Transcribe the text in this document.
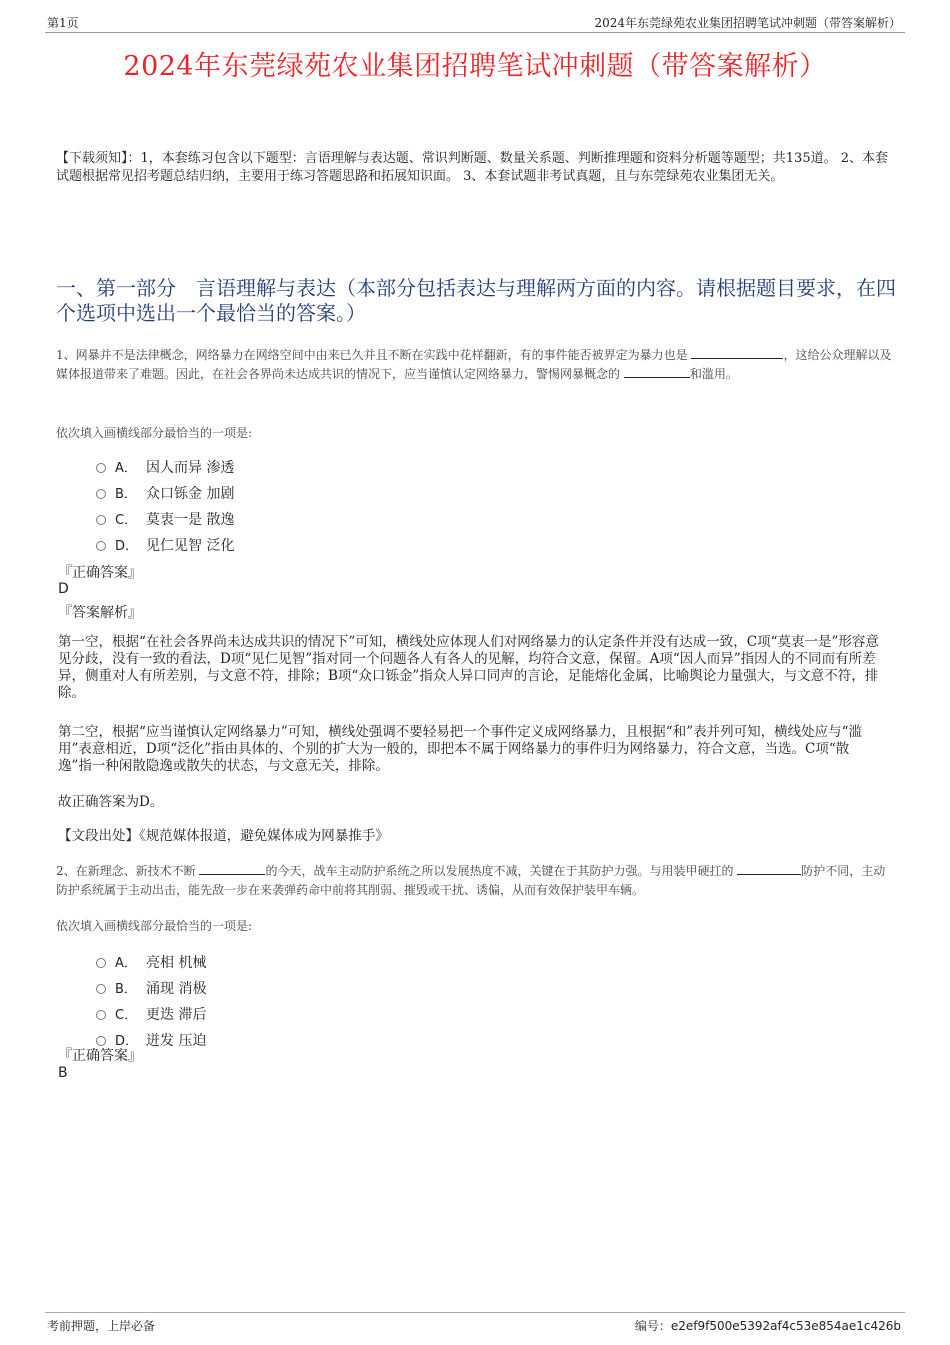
第1页	2024年东莞绿苑农业集团招聘笔试冲刺题（带答案解析）
2024年东莞绿苑农业集团招聘笔试冲刺题（带答案解析）
【下载须知】：1，本套练习包含以下题型：言语理解与表达题、常识判断题、数量关系题、判断推理题和资料分析题等题型；共135道。 2、本套试题根据常见招考题总结归纳，主要用于练习答题思路和拓展知识面。 3、本套试题非考试真题，且与东莞绿苑农业集团无关。
一、第一部分　言语理解与表达（本部分包括表达与理解两方面的内容。请根据题目要求，在四个选项中选出一个最恰当的答案。）
1、网暴并不是法律概念，网络暴力在网络空间中由来已久并且不断在实践中花样翻新，有的事件能否被界定为暴力也是	，这给公众理解以及媒体报道带来了难题。因此，在社会各界尚未达成共识的情况下，应当谨慎认定网络暴力，警惕网暴概念的	和滥用。
依次填入画横线部分最恰当的一项是:
A． 因人而异 渗透
B． 众口铄金 加剧
C． 莫衷一是 散逸
D． 见仁见智 泛化
『正确答案』
D
『答案解析』
第一空，根据“在社会各界尚未达成共识的情况下”可知，横线处应体现人们对网络暴力的认定条件并没有达成一致，C项“莫衷一是”形容意见分歧，没有一致的看法，D项“见仁见智”指对同一个问题各人有各人的见解，均符合文意，保留。A项“因人而异”指因人的不同而有所差异，侧重对人有所差别，与文意不符，排除；B项“众口铄金”指众人异口同声的言论，足能熔化金属，比喻舆论力量强大，与文意不符，排除。
第二空，根据“应当谨慎认定网络暴力”可知，横线处强调不要轻易把一个事件定义成网络暴力，且根据“和”表并列可知，横线处应与“滥用”表意相近，D项“泛化”指由具体的、个别的扩大为一般的，即把本不属于网络暴力的事件归为网络暴力，符合文意，当选。C项“散逸”指一种闲散隐逸或散失的状态，与文意无关，排除。
故正确答案为D。
【文段出处】《规范媒体报道，避免媒体成为网暴推手》
2、在新理念、新技术不断	的今天，战车主动防护系统之所以发展热度不减，关键在于其防护力强。与用装甲硬扛的	防护不同，主动防护系统属于主动出击，能先敌一步在来袭弹药命中前将其削弱、摧毁或干扰、诱偏，从而有效保护装甲车辆。
依次填入画横线部分最恰当的一项是:
A． 亮相 机械
B． 涌现 消极
C． 更迭 滞后
D． 迸发 压迫
『正确答案』
B
考前押题，上岸必备	编号：e2ef9f500e5392af4c53e854ae1c426b
